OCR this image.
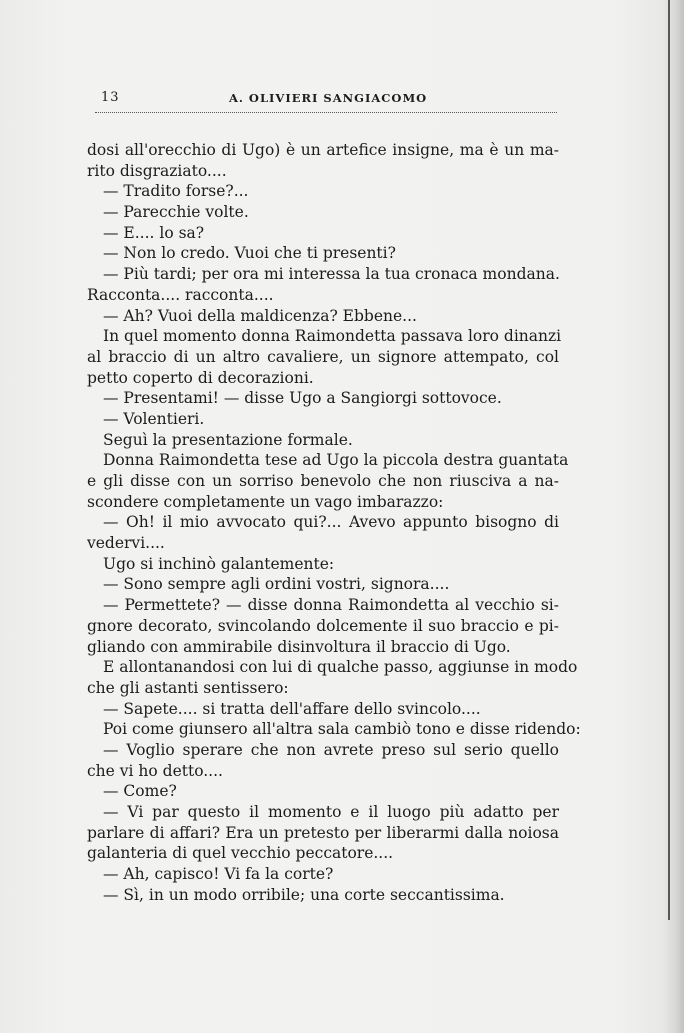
13	A. OLIVIERI SANGIACOMO
dosi all'orecchio di Ugo) è un artefice insigne, ma è un ma-
rito disgraziato....
— Tradito forse?...
— Parecchie volte.
— E.... lo sa?
— Non lo credo. Vuoi che ti presenti?
— Più tardi; per ora mi interessa la tua cronaca mondana.
Racconta.... racconta....
— Ah? Vuoi della maldicenza? Ebbene...
In quel momento donna Raimondetta passava loro dinanzi
al braccio di un altro cavaliere, un signore attempato, col
petto coperto di decorazioni.
— Presentami! — disse Ugo a Sangiorgi sottovoce.
— Volentieri.
Seguì la presentazione formale.
Donna Raimondetta tese ad Ugo la piccola destra guantata
e gli disse con un sorriso benevolo che non riusciva a na-
scondere completamente un vago imbarazzo:
— Oh! il mio avvocato qui?... Avevo appunto bisogno di
vedervi....
Ugo si inchinò galantemente:
— Sono sempre agli ordini vostri, signora....
— Permettete? — disse donna Raimondetta al vecchio si-
gnore decorato, svincolando dolcemente il suo braccio e pi-
gliando con ammirabile disinvoltura il braccio di Ugo.
E allontanandosi con lui di qualche passo, aggiunse in modo
che gli astanti sentissero:
— Sapete.... si tratta dell'affare dello svincolo....
Poi come giunsero all'altra sala cambiò tono e disse ridendo:
— Voglio sperare che non avrete preso sul serio quello
che vi ho detto....
— Come?
— Vi par questo il momento e il luogo più adatto per
parlare di affari? Era un pretesto per liberarmi dalla noiosa
galanteria di quel vecchio peccatore....
— Ah, capisco! Vi fa la corte?
— Sì, in un modo orribile; una corte seccantissima.
